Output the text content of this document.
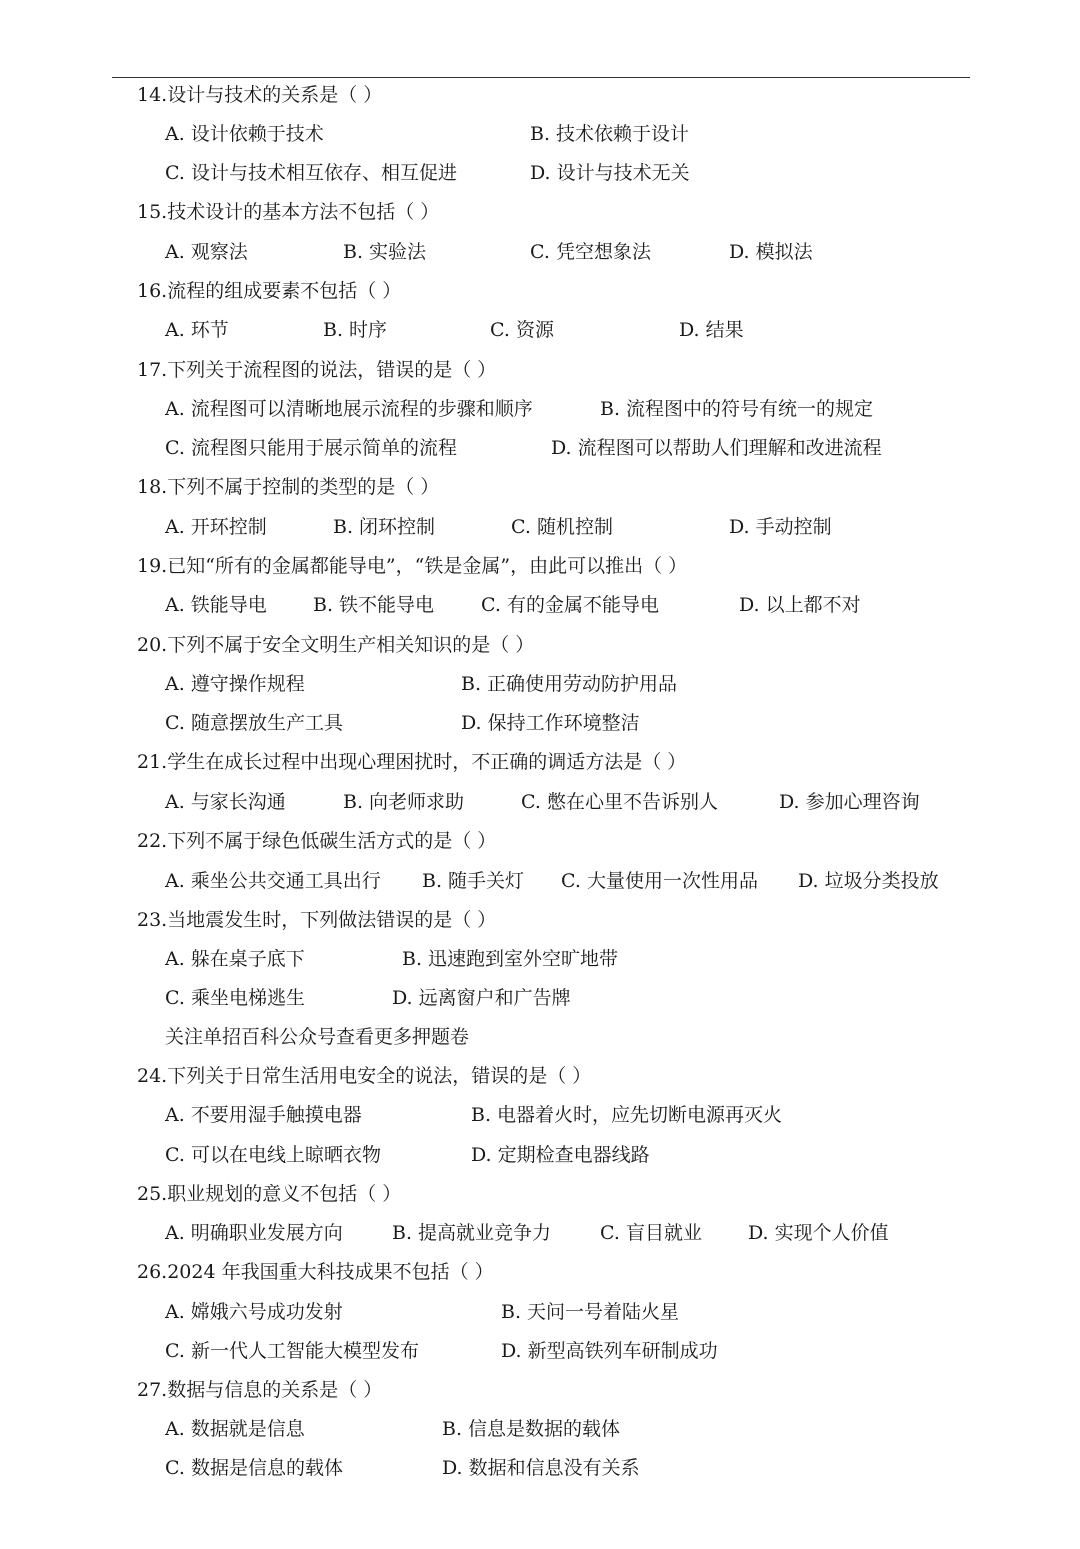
14.设计与技术的关系是（ ）
A. 设计依赖于技术	B. 技术依赖于设计
C. 设计与技术相互依存、相互促进	D. 设计与技术无关
15.技术设计的基本方法不包括（ ）
A. 观察法	B. 实验法	C. 凭空想象法	D. 模拟法
16.流程的组成要素不包括（ ）
A. 环节	B. 时序	C. 资源	D. 结果
17.下列关于流程图的说法，错误的是（ ）
A. 流程图可以清晰地展示流程的步骤和顺序	B. 流程图中的符号有统一的规定
C. 流程图只能用于展示简单的流程	D. 流程图可以帮助人们理解和改进流程
18.下列不属于控制的类型的是（ ）
A. 开环控制	B. 闭环控制	C. 随机控制	D. 手动控制
19.已知“所有的金属都能导电”，“铁是金属”，由此可以推出（ ）
A. 铁能导电 B. 铁不能导电 C. 有的金属不能导电	D. 以上都不对
20.下列不属于安全文明生产相关知识的是（ ）
A. 遵守操作规程	B. 正确使用劳动防护用品
C. 随意摆放生产工具	D. 保持工作环境整洁
21.学生在成长过程中出现心理困扰时，不正确的调适方法是（ ）
A. 与家长沟通	B. 向老师求助	C. 憋在心里不告诉别人	D. 参加心理咨询
22.下列不属于绿色低碳生活方式的是（ ）
A. 乘坐公共交通工具出行 B. 随手关灯 C. 大量使用一次性用品 D. 垃圾分类投放
23.当地震发生时，下列做法错误的是（ ）
A. 躲在桌子底下	B. 迅速跑到室外空旷地带
C. 乘坐电梯逃生	D. 远离窗户和广告牌
关注单招百科公众号查看更多押题卷
24.下列关于日常生活用电安全的说法，错误的是（ ）
A. 不要用湿手触摸电器	B. 电器着火时，应先切断电源再灭火
C. 可以在电线上晾晒衣物	D. 定期检查电器线路
25.职业规划的意义不包括（ ）
A. 明确职业发展方向	B. 提高就业竞争力	C. 盲目就业 D. 实现个人价值
26.2024 年我国重大科技成果不包括（ ）
A. 嫦娥六号成功发射	B. 天问一号着陆火星
C. 新一代人工智能大模型发布	D. 新型高铁列车研制成功
27.数据与信息的关系是（ ）
A. 数据就是信息	B. 信息是数据的载体
C. 数据是信息的载体	D. 数据和信息没有关系
